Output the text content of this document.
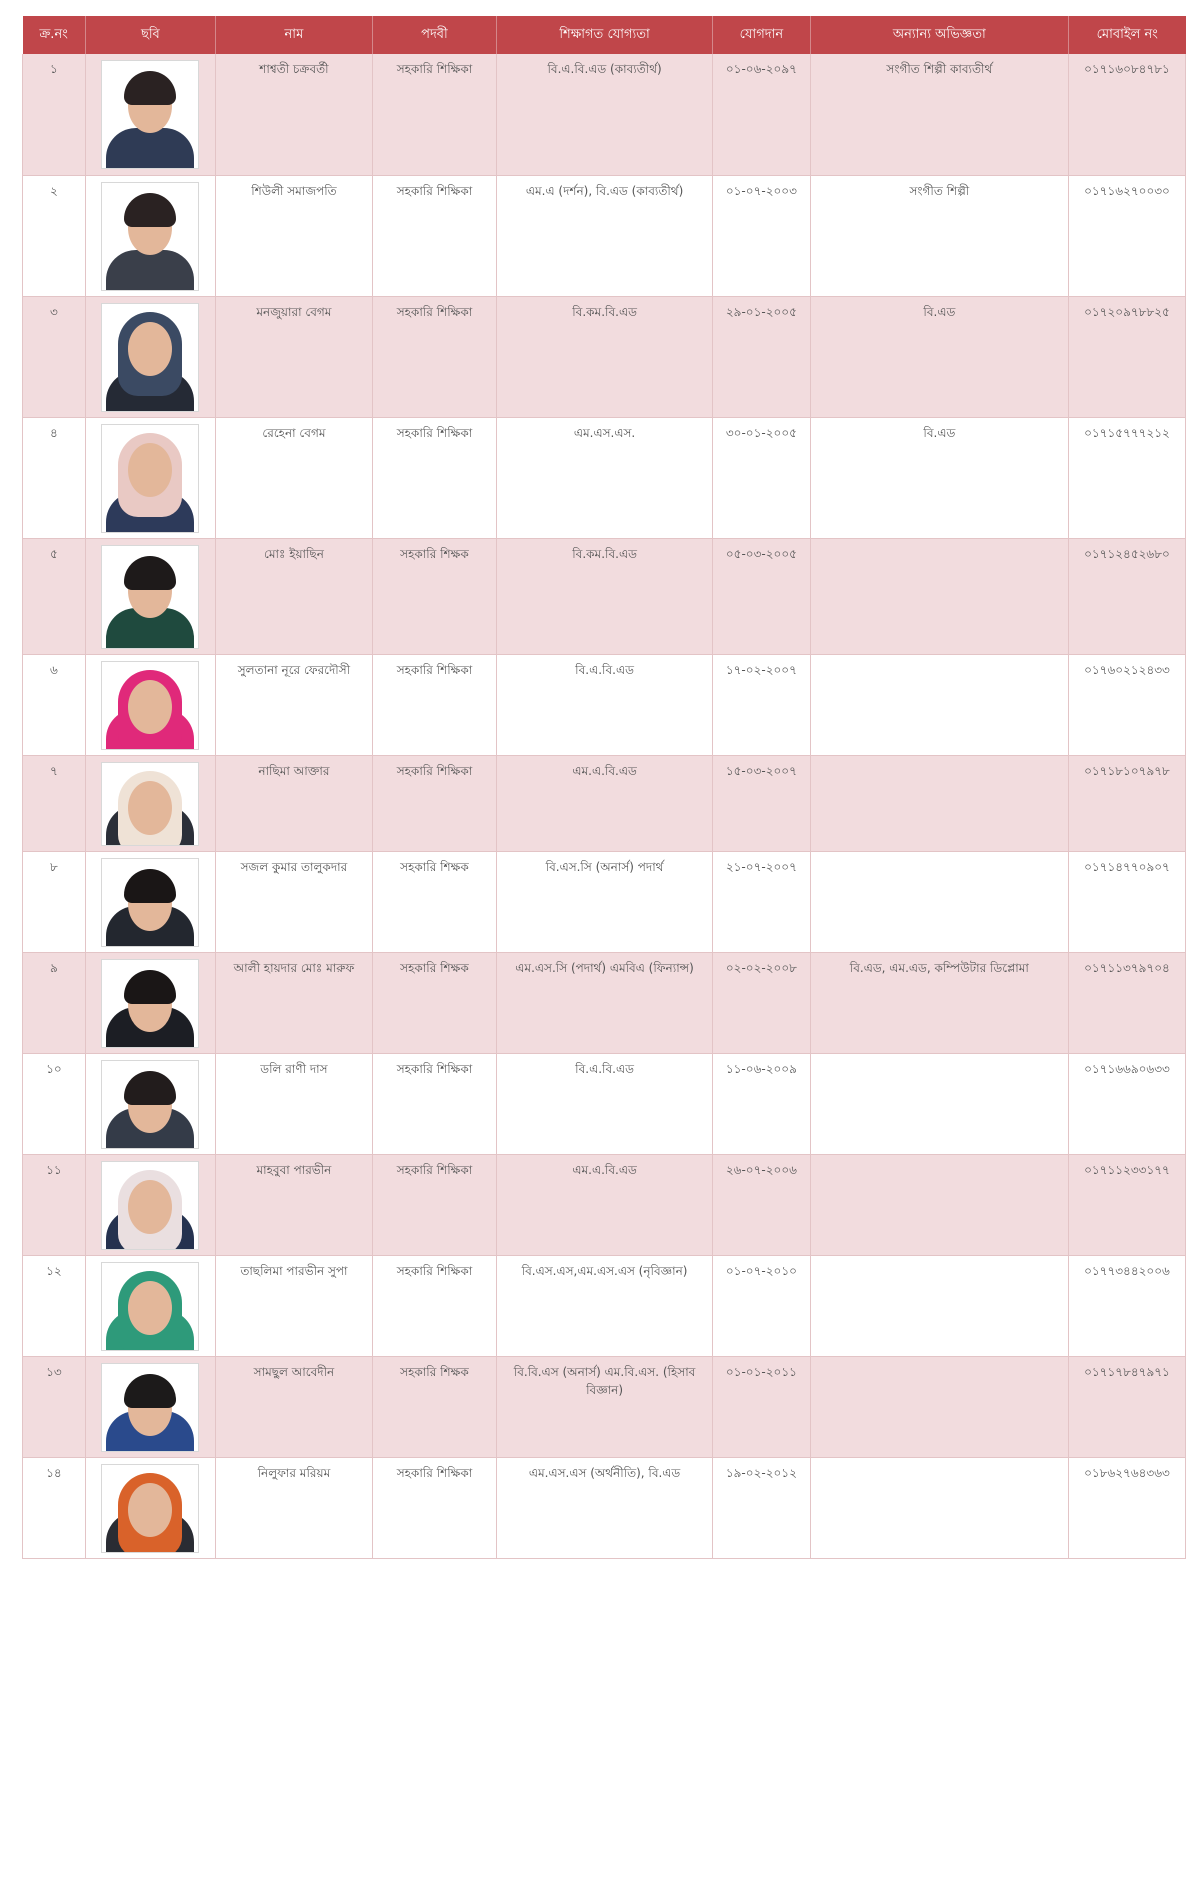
ক্র.নং	ছবি	নাম	পদবী	শিক্ষাগত যোগ্যতা	যোগদান	অন্যান্য অভিজ্ঞতা	মোবাইল নং
১		শাশ্বতী চক্রবর্তী	সহকারি শিক্ষিকা	বি.এ.বি.এড (কাব্যতীর্থ)	০১-০৬-২০৯৭	সংগীত শিল্পী কাব্যতীর্থ	০১৭১৬০৮৪৭৮১
২		শিউলী সমাজপতি	সহকারি শিক্ষিকা	এম.এ (দর্শন), বি.এড (কাব্যতীর্থ)	০১-০৭-২০০৩	সংগীত শিল্পী	০১৭১৬২৭০০৩০
৩		মনজুয়ারা বেগম	সহকারি শিক্ষিকা	বি.কম.বি.এড	২৯-০১-২০০৫	বি.এড	০১৭২০৯৭৮৮২৫
৪		রেহেনা বেগম	সহকারি শিক্ষিকা	এম.এস.এস.	৩০-০১-২০০৫	বি.এড	০১৭১৫৭৭৭২১২
৫		মোঃ ইয়াছিন	সহকারি শিক্ষক	বি.কম.বি.এড	০৫-০৩-২০০৫		০১৭১২৪৫২৬৮০
৬		সুলতানা নূরে ফেরদৌসী	সহকারি শিক্ষিকা	বি.এ.বি.এড	১৭-০২-২০০৭		০১৭৬০২১২৪৩৩
৭		নাছিমা আক্তার	সহকারি শিক্ষিকা	এম.এ.বি.এড	১৫-০৩-২০০৭		০১৭১৮১০৭৯৭৮
৮		সজল কুমার তালুকদার	সহকারি শিক্ষক	বি.এস.সি (অনার্স) পদার্থ	২১-০৭-২০০৭		০১৭১৪৭৭০৯০৭
৯		আলী হায়দার মোঃ মারুফ	সহকারি শিক্ষক	এম.এস.সি (পদার্থ) এমবিএ (ফিন্যান্স)	০২-০২-২০০৮	বি.এড, এম.এড, কম্পিউটার ডিপ্লোমা	০১৭১১৩৭৯৭০৪
১০		ডলি রাণী দাস	সহকারি শিক্ষিকা	বি.এ.বি.এড	১১-০৬-২০০৯		০১৭১৬৬৯০৬৩৩
১১		মাহবুবা পারভীন	সহকারি শিক্ষিকা	এম.এ.বি.এড	২৬-০৭-২০০৬		০১৭১১২৩৩১৭৭
১২		তাছলিমা পারভীন সুপা	সহকারি শিক্ষিকা	বি.এস.এস,এম.এস.এস (নৃবিজ্ঞান)	০১-০৭-২০১০		০১৭৭৩৪৪২০০৬
১৩		সামছুল আবেদীন	সহকারি শিক্ষক	বি.বি.এস (অনার্স) এম.বি.এস. (হিসাব বিজ্ঞান)	০১-০১-২০১১		০১৭১৭৮৪৭৯৭১
১৪		নিলুফার মরিয়ম	সহকারি শিক্ষিকা	এম.এস.এস (অর্থনীতি), বি.এড	১৯-০২-২০১২		০১৮৬২৭৬৪৩৬৩
